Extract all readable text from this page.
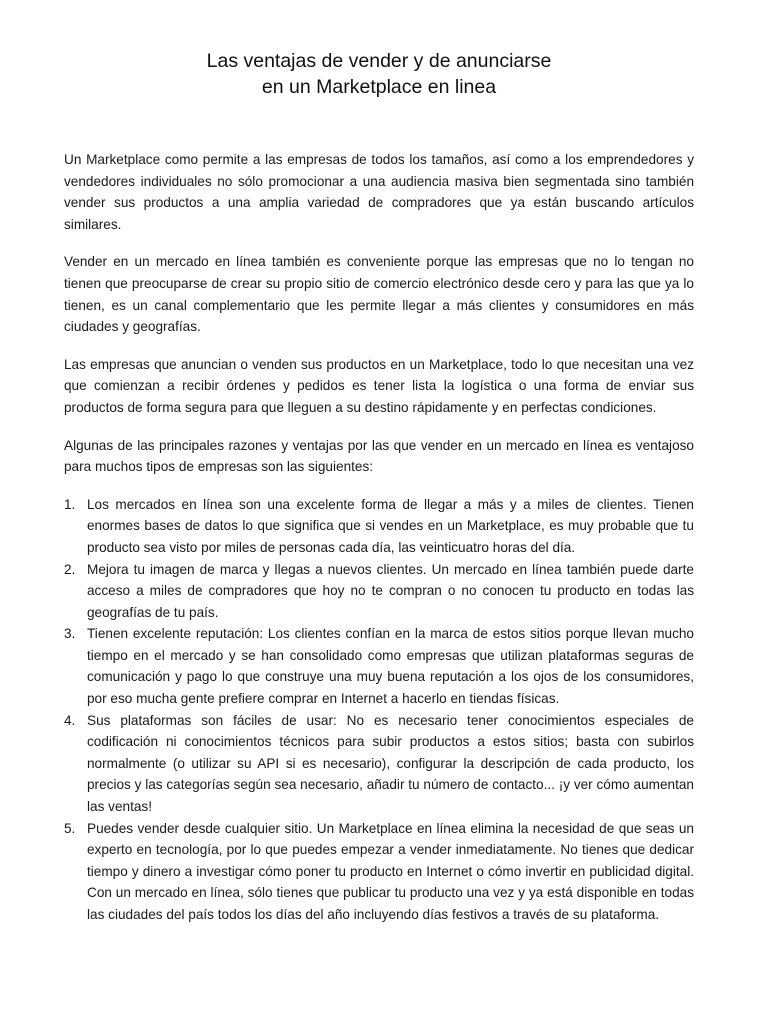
Las ventajas de vender y de anunciarse
en un Marketplace en linea

Un Marketplace como permite a las empresas de todos los tamaños, así como a los emprendedores y vendedores individuales no sólo promocionar a una audiencia masiva bien segmentada sino también vender sus productos a una amplia variedad de compradores que ya están buscando artículos similares.

Vender en un mercado en línea también es conveniente porque las empresas que no lo tengan no tienen que preocuparse de crear su propio sitio de comercio electrónico desde cero y para las que ya lo tienen, es un canal complementario que les permite llegar a más clientes y consumidores en más ciudades y geografías.

Las empresas que anuncian o venden sus productos en un Marketplace, todo lo que necesitan una vez que comienzan a recibir órdenes y pedidos es tener lista la logística o una forma de enviar sus productos de forma segura para que lleguen a su destino rápidamente y en perfectas condiciones.

Algunas de las principales razones y ventajas por las que vender en un mercado en línea es ventajoso para muchos tipos de empresas son las siguientes:

1. Los mercados en línea son una excelente forma de llegar a más y a miles de clientes. Tienen enormes bases de datos lo que significa que si vendes en un Marketplace, es muy probable que tu producto sea visto por miles de personas cada día, las veinticuatro horas del día.
2. Mejora tu imagen de marca y llegas a nuevos clientes. Un mercado en línea también puede darte acceso a miles de compradores que hoy no te compran o no conocen tu producto en todas las geografías de tu país.
3. Tienen excelente reputación: Los clientes confían en la marca de estos sitios porque llevan mucho tiempo en el mercado y se han consolidado como empresas que utilizan plataformas seguras de comunicación y pago lo que construye una muy buena reputación a los ojos de los consumidores, por eso mucha gente prefiere comprar en Internet a hacerlo en tiendas físicas.
4. Sus plataformas son fáciles de usar: No es necesario tener conocimientos especiales de codificación ni conocimientos técnicos para subir productos a estos sitios; basta con subirlos normalmente (o utilizar su API si es necesario), configurar la descripción de cada producto, los precios y las categorías según sea necesario, añadir tu número de contacto... ¡y ver cómo aumentan las ventas!
5. Puedes vender desde cualquier sitio. Un Marketplace en línea elimina la necesidad de que seas un experto en tecnología, por lo que puedes empezar a vender inmediatamente. No tienes que dedicar tiempo y dinero a investigar cómo poner tu producto en Internet o cómo invertir en publicidad digital. Con un mercado en línea, sólo tienes que publicar tu producto una vez y ya está disponible en todas las ciudades del país todos los días del año incluyendo días festivos a través de su plataforma.
